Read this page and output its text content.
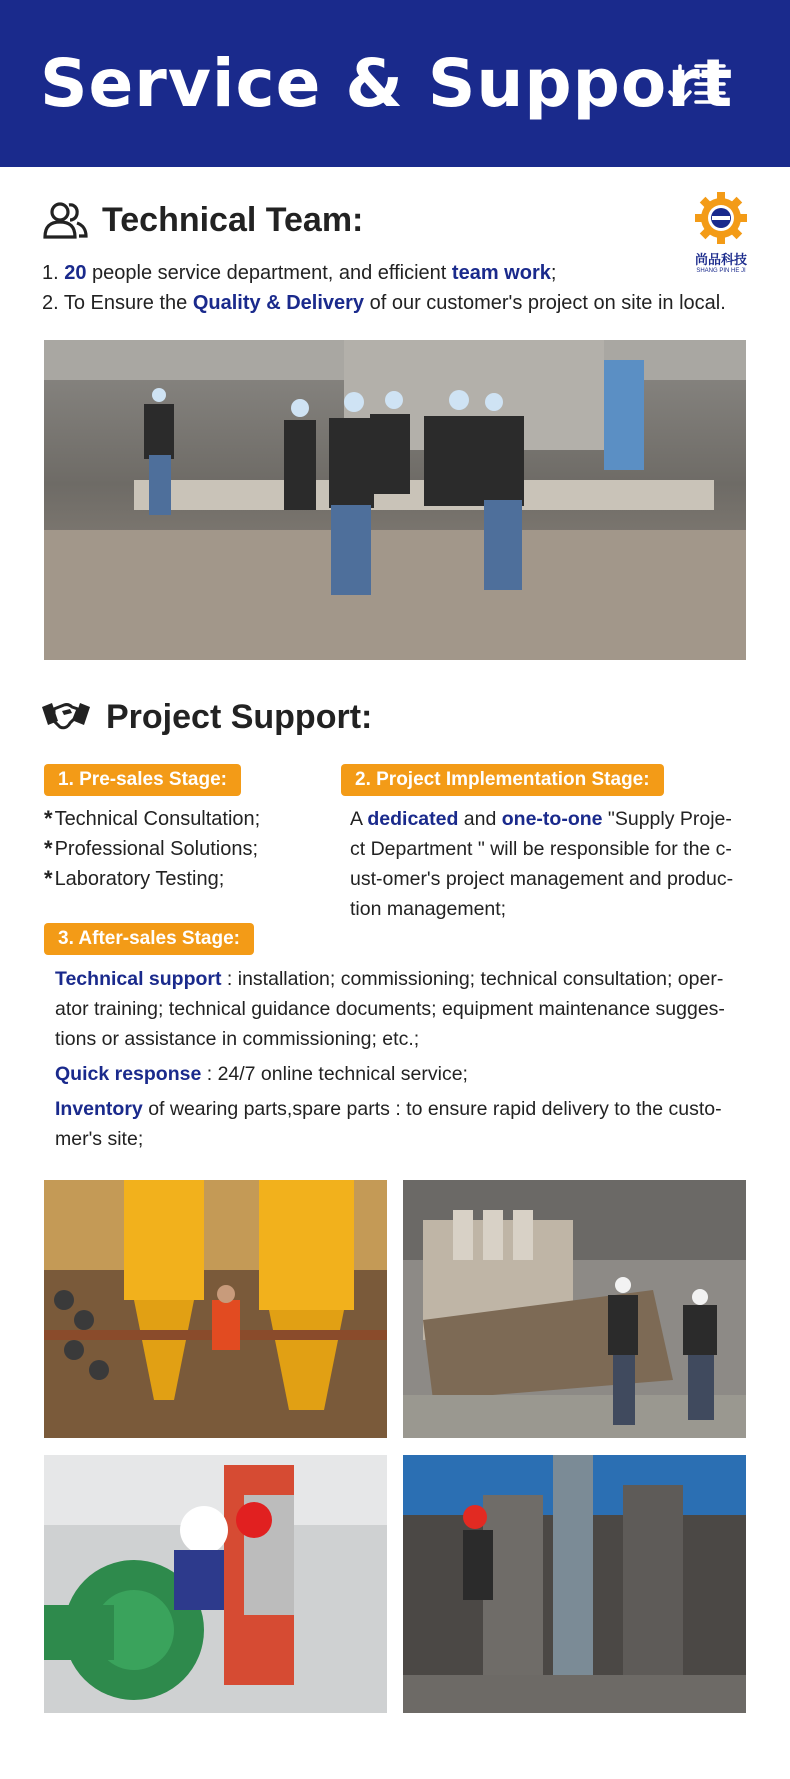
Service & Support
Technical Team:
尚品科技
SHANG PIN HE JI
1. 20 people service department, and efficient team work;
2. To Ensure the Quality & Delivery of our customer's project on site in local.
Project Support:
1. Pre-sales Stage:	2. Project Implementation Stage:
* Technical Consultation;
* Professional Solutions;
* Laboratory Testing;
A dedicated and one-to-one "Supply Proje-ct Department " will be responsible for the c-ust-omer's project management and produc-tion management;
3. After-sales Stage:

Technical support : installation; commissioning; technical consultation; oper-ator training; technical guidance documents; equipment maintenance sugges-tions or assistance in commissioning; etc.;

Quick response : 24/7 online technical service;

Inventory of wearing parts,spare parts : to ensure rapid delivery to the custo-mer's site;
